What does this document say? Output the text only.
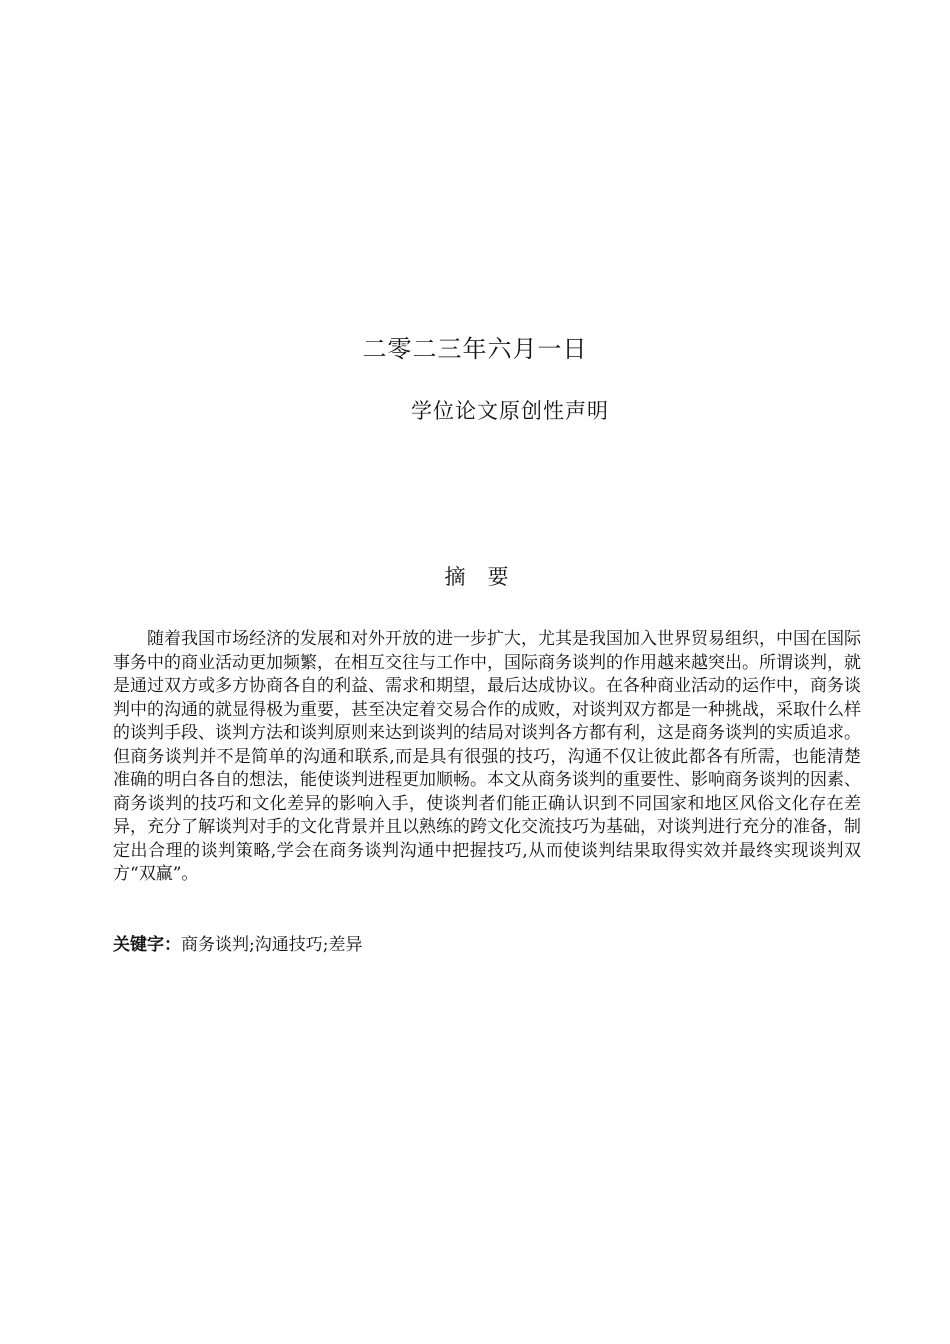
二零二三年六月一日
学位论文原创性声明
摘要

随着我国市场经济的发展和对外开放的进一步扩大，尤其是我国加入世界贸易组织，中国在国际事务中的商业活动更加频繁，在相互交往与工作中，国际商务谈判的作用越来越突出。所谓谈判，就是通过双方或多方协商各自的利益、需求和期望，最后达成协议。在各种商业活动的运作中，商务谈判中的沟通的就显得极为重要，甚至决定着交易合作的成败，对谈判双方都是一种挑战，采取什么样的谈判手段、谈判方法和谈判原则来达到谈判的结局对谈判各方都有利，这是商务谈判的实质追求。但商务谈判并不是简单的沟通和联系,而是具有很强的技巧，沟通不仅让彼此都各有所需，也能清楚准确的明白各自的想法，能使谈判进程更加顺畅。本文从商务谈判的重要性、影响商务谈判的因素、商务谈判的技巧和文化差异的影响入手，使谈判者们能正确认识到不同国家和地区风俗文化存在差异，充分了解谈判对手的文化背景并且以熟练的跨文化交流技巧为基础，对谈判进行充分的准备，制定出合理的谈判策略,学会在商务谈判沟通中把握技巧,从而使谈判结果取得实效并最终实现谈判双方“双赢”。

关键字：商务谈判;沟通技巧;差异
